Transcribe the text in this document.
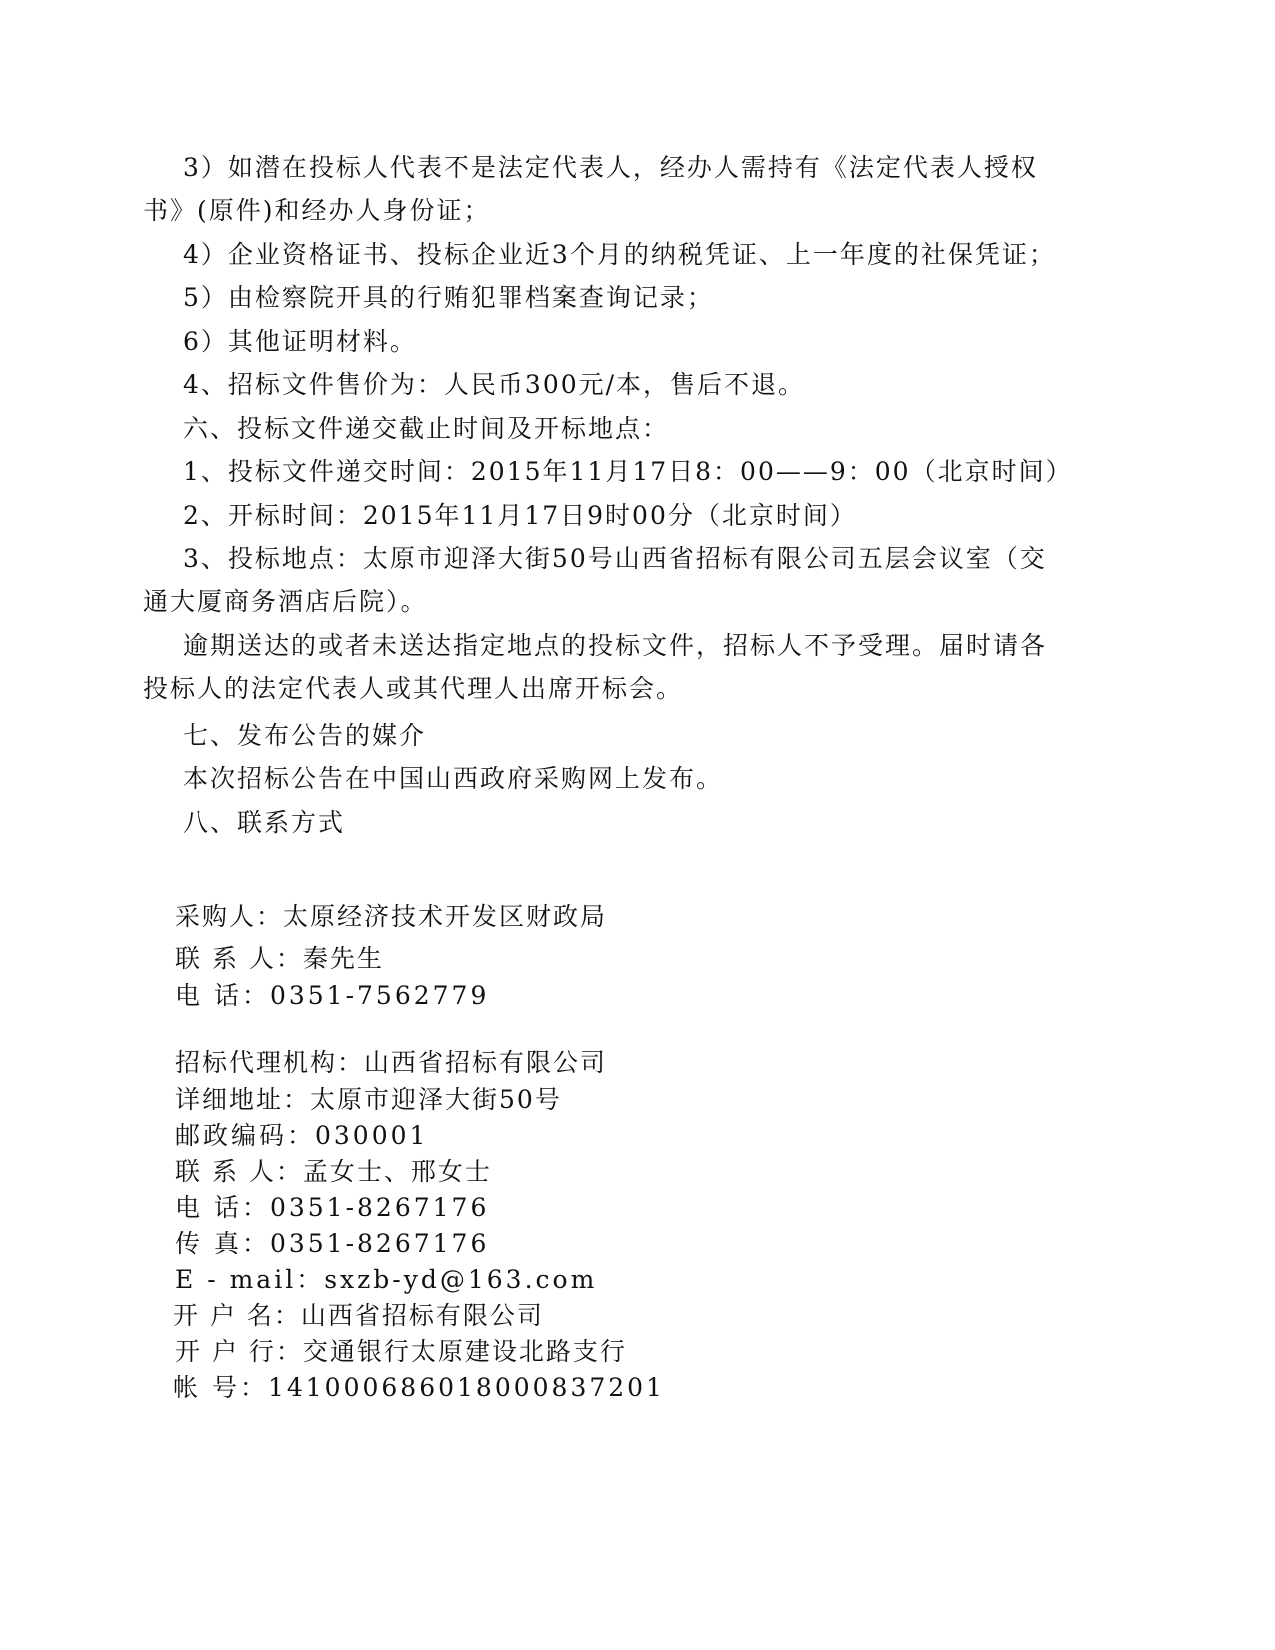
3）如潜在投标人代表不是法定代表人，经办人需持有《法定代表人授权

书》(原件)和经办人身份证；

4）企业资格证书、投标企业近3个月的纳税凭证、上一年度的社保凭证；

5）由检察院开具的行贿犯罪档案查询记录；

6）其他证明材料。

4、招标文件售价为：人民币300元/本，售后不退。

六、投标文件递交截止时间及开标地点：

1、投标文件递交时间：2015年11月17日8：00——9：00（北京时间）

2、开标时间：2015年11月17日9时00分（北京时间）

3、投标地点：太原市迎泽大街50号山西省招标有限公司五层会议室（交

通大厦商务酒店后院）。

逾期送达的或者未送达指定地点的投标文件，招标人不予受理。届时请各

投标人的法定代表人或其代理人出席开标会。

七、发布公告的媒介

本次招标公告在中国山西政府采购网上发布。

八、联系方式

采购人：太原经济技术开发区财政局

联 系 人：秦先生

电 话：0351-7562779

招标代理机构：山西省招标有限公司

详细地址：太原市迎泽大街50号

邮政编码：030001

联 系 人：孟女士、邢女士

电 话：0351-8267176

传 真：0351-8267176

E - mail：sxzb-yd@163.com

开 户 名：山西省招标有限公司

开 户 行：交通银行太原建设北路支行

帐 号：141000686018000837201
